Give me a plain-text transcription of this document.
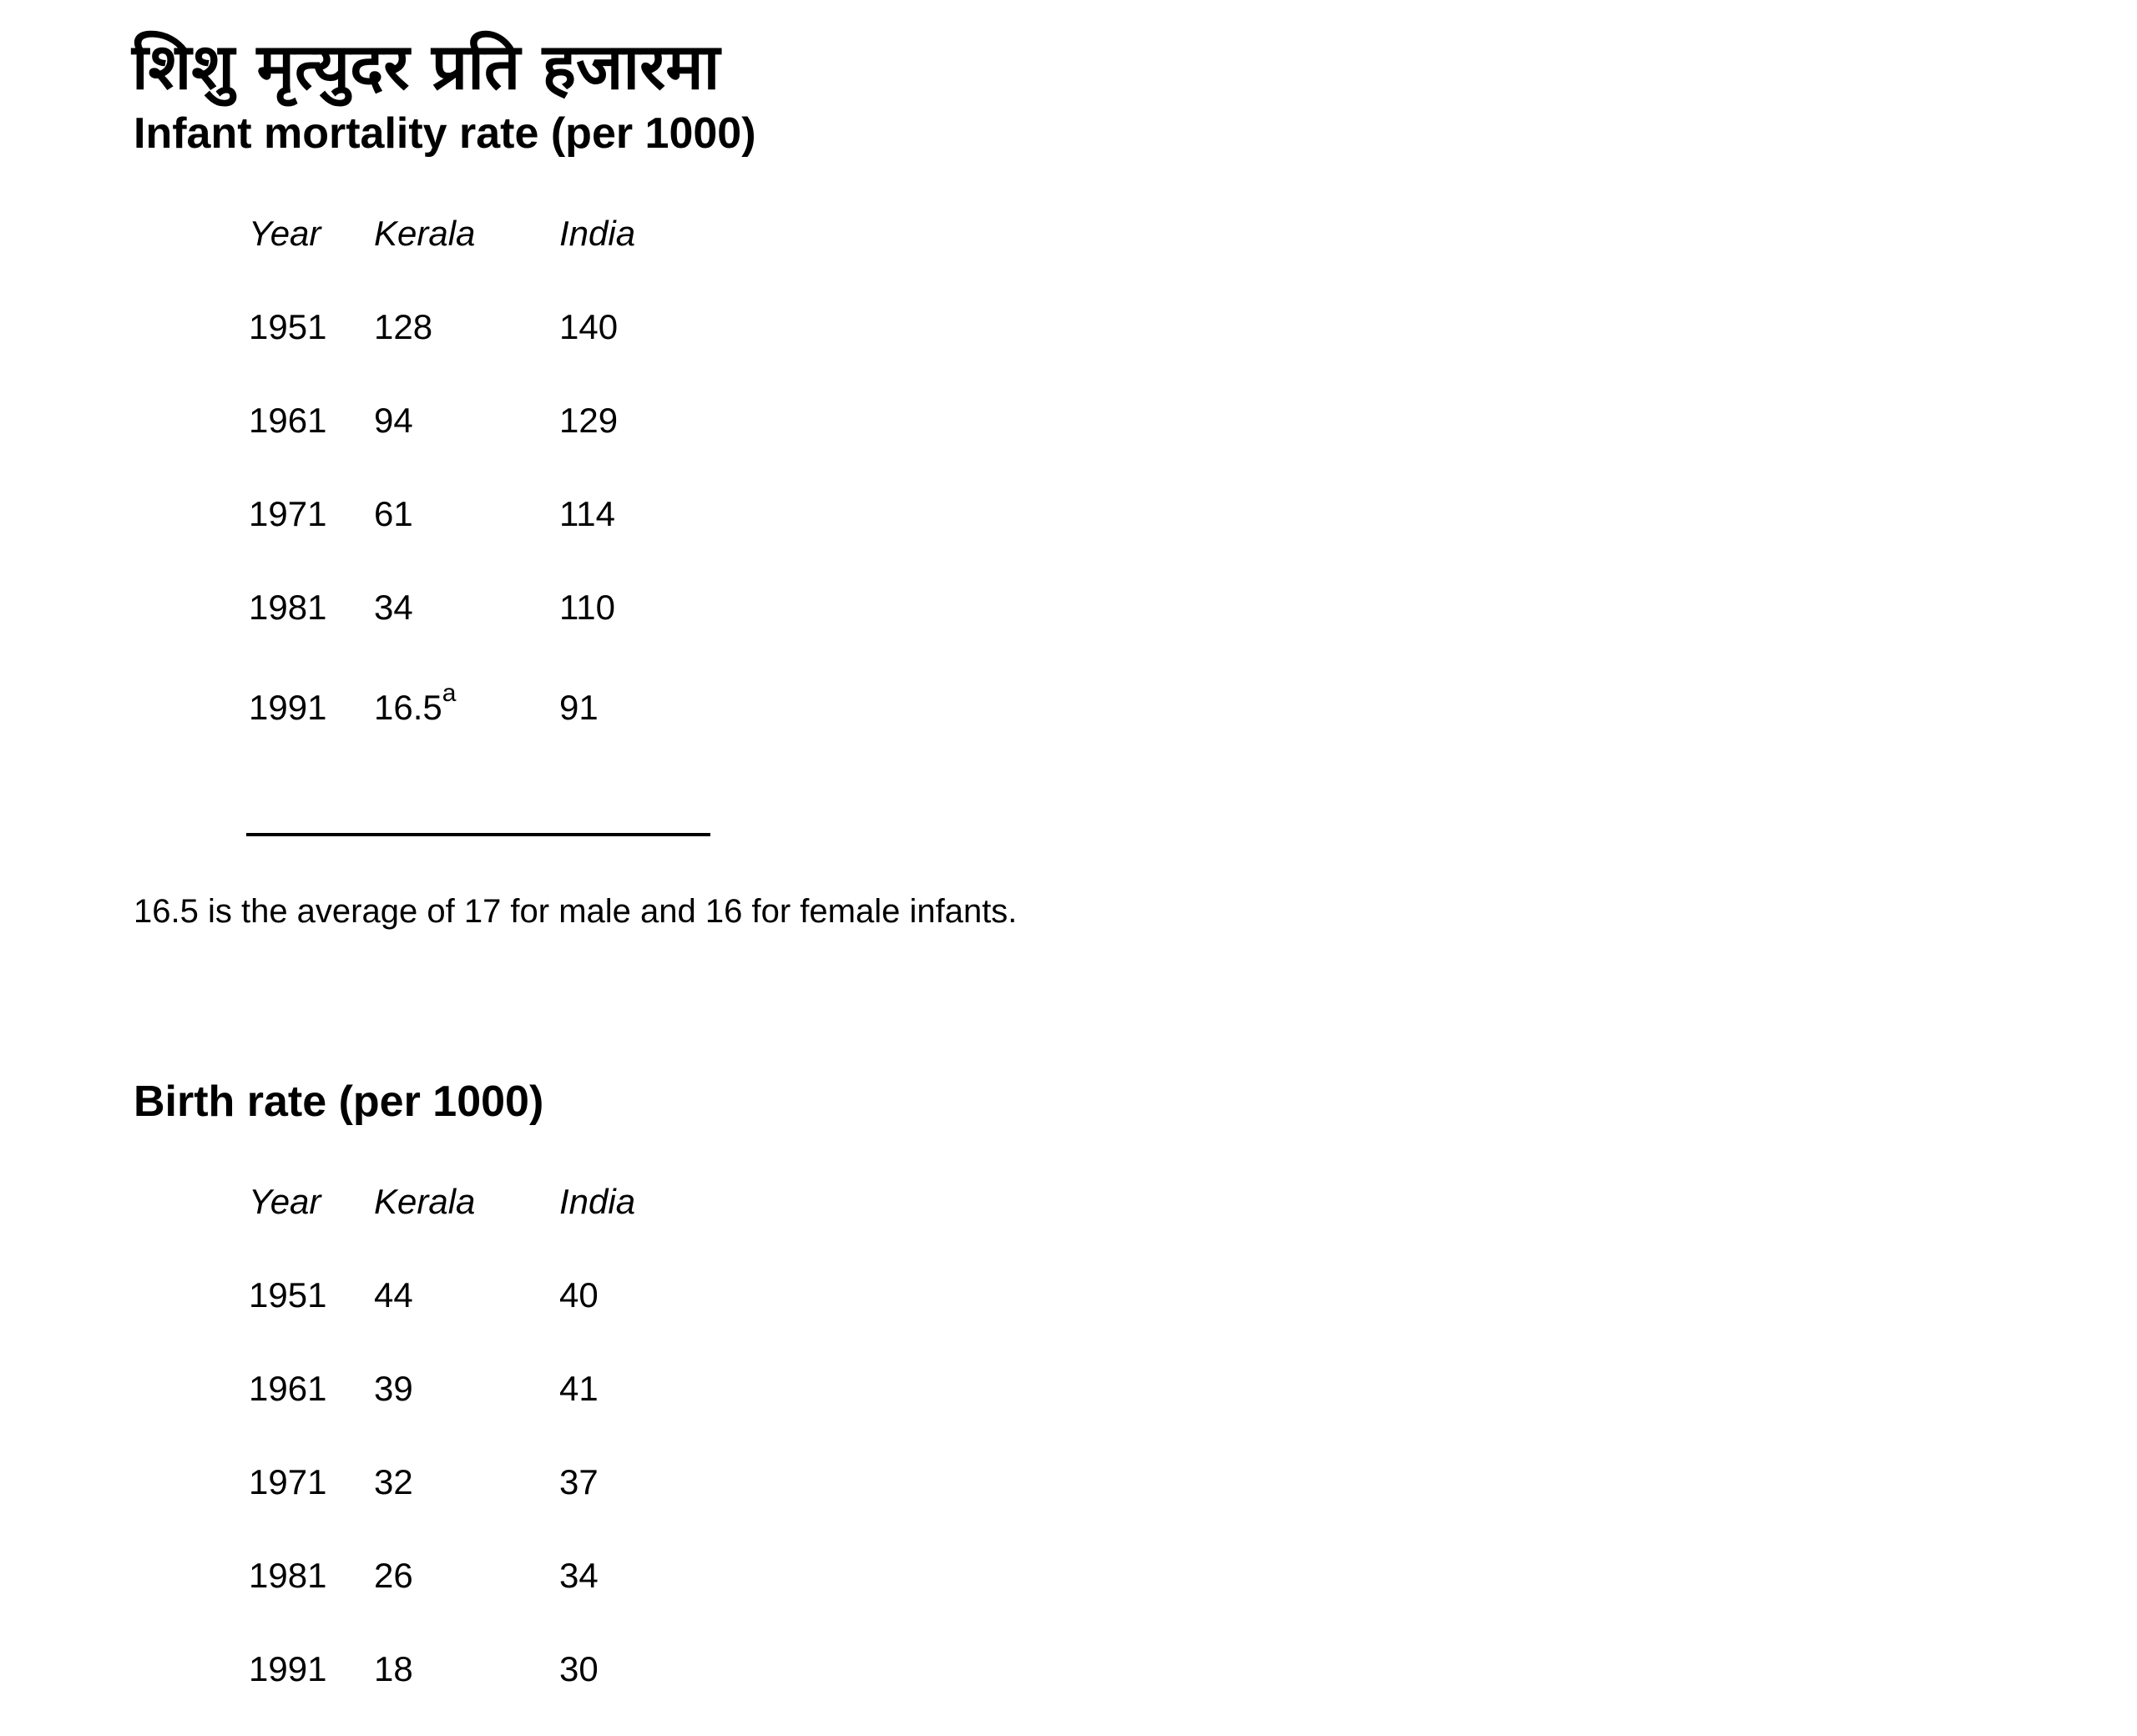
शिशु मृत्युदर प्रति हजारमा
Infant mortality rate (per 1000)
Year Kerala India
1951 128	140
1961 94	129
1971 61	114
1981 34	110
1991 16.5$^a$	91
16.5 is the average of 17 for male and 16 for female infants.
Birth rate (per 1000)
Year Kerala India
1951 44	40
1961 39	41
1971 32	37
1981 26	34
1991 18	30
